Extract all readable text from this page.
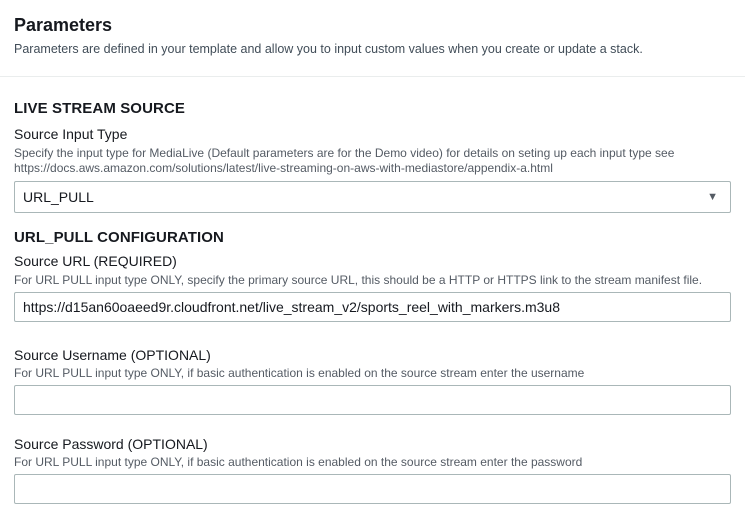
Parameters

Parameters are defined in your template and allow you to input custom values when you create or update a stack.

LIVE STREAM SOURCE
Source Input Type
Specify the input type for MediaLive (Default parameters are for the Demo video) for details on seting up each input type see https://docs.aws.amazon.com/solutions/latest/live-streaming-on-aws-with-mediastore/appendix-a.html
URL_PULL	▼
URL_PULL CONFIGURATION
Source URL (REQUIRED)
For URL PULL input type ONLY, specify the primary source URL, this should be a HTTP or HTTPS link to the stream manifest file.
https://d15an60oaeed9r.cloudfront.net/live_stream_v2/sports_reel_with_markers.m3u8
Source Username (OPTIONAL)
For URL PULL input type ONLY, if basic authentication is enabled on the source stream enter the username
Source Password (OPTIONAL)
For URL PULL input type ONLY, if basic authentication is enabled on the source stream enter the password
